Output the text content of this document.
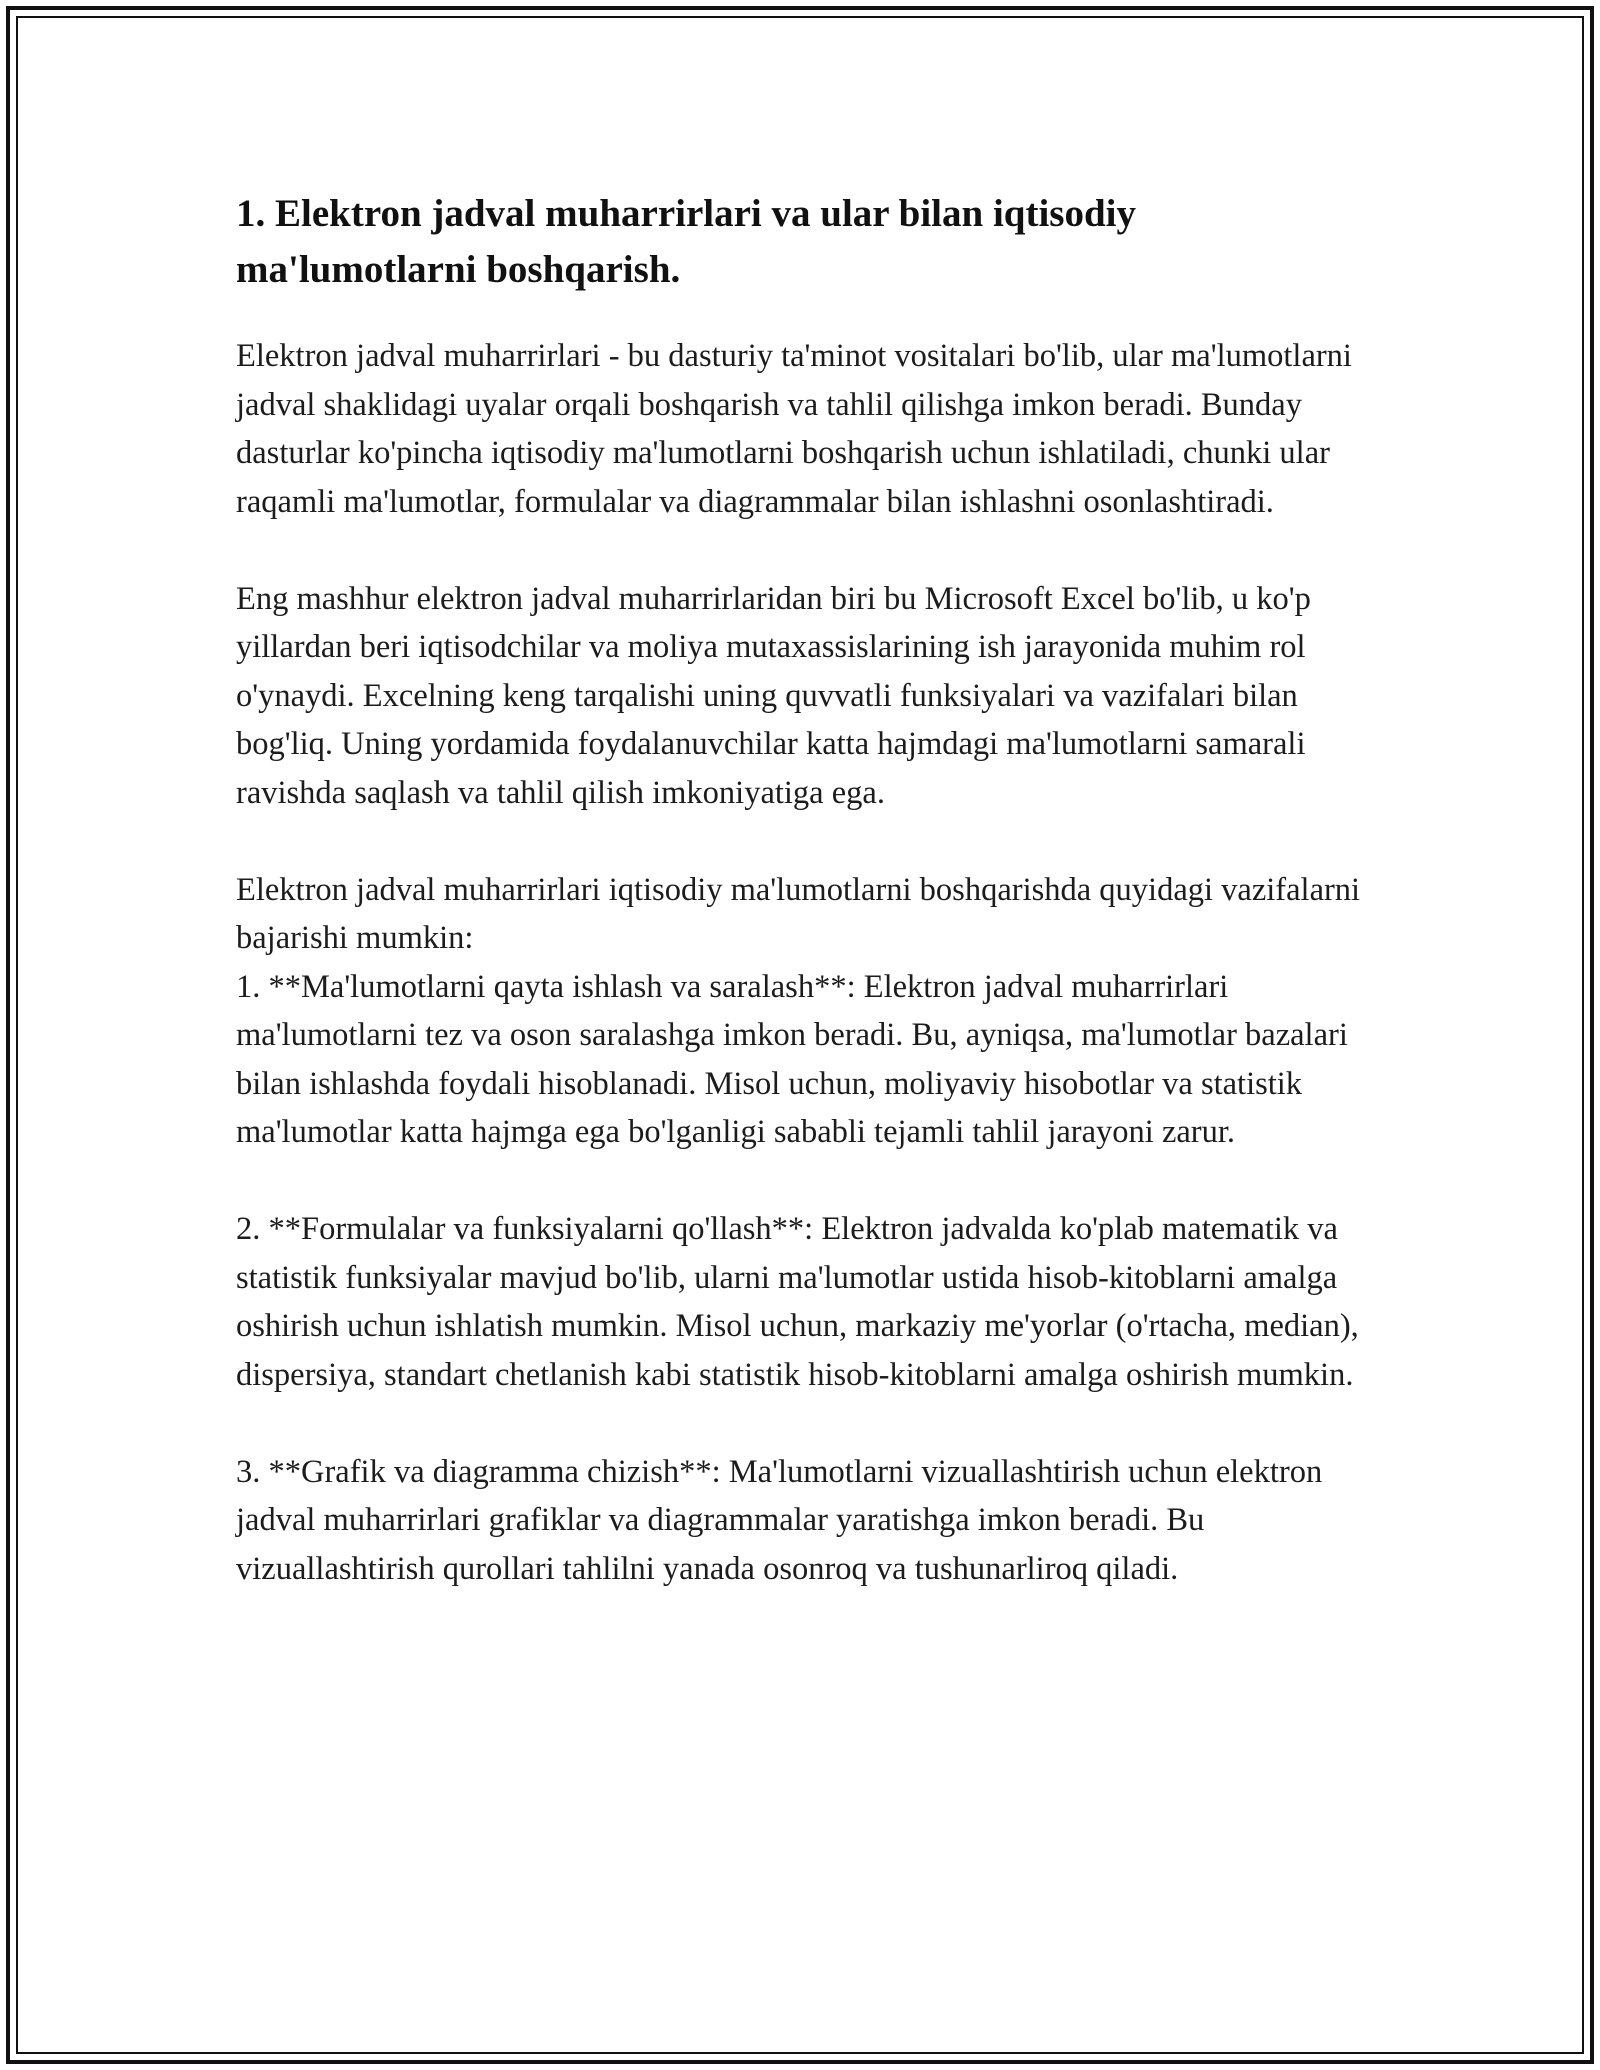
1. Elektron jadval muharrirlari va ular bilan iqtisodiy ma'lumotlarni boshqarish.

Elektron jadval muharrirlari - bu dasturiy ta'minot vositalari bo'lib, ular ma'lumotlarni jadval shaklidagi uyalar orqali boshqarish va tahlil qilishga imkon beradi. Bunday dasturlar ko'pincha iqtisodiy ma'lumotlarni boshqarish uchun ishlatiladi, chunki ular raqamli ma'lumotlar, formulalar va diagrammalar bilan ishlashni osonlashtiradi.

Eng mashhur elektron jadval muharrirlaridan biri bu Microsoft Excel bo'lib, u ko'p yillardan beri iqtisodchilar va moliya mutaxassislarining ish jarayonida muhim rol o'ynaydi. Excelning keng tarqalishi uning quvvatli funksiyalari va vazifalari bilan bog'liq. Uning yordamida foydalanuvchilar katta hajmdagi ma'lumotlarni samarali ravishda saqlash va tahlil qilish imkoniyatiga ega.

Elektron jadval muharrirlari iqtisodiy ma'lumotlarni boshqarishda quyidagi vazifalarni bajarishi mumkin:

1. **Ma'lumotlarni qayta ishlash va saralash**: Elektron jadval muharrirlari ma'lumotlarni tez va oson saralashga imkon beradi. Bu, ayniqsa, ma'lumotlar bazalari bilan ishlashda foydali hisoblanadi. Misol uchun, moliyaviy hisobotlar va statistik ma'lumotlar katta hajmga ega bo'lganligi sababli tejamli tahlil jarayoni zarur.

2. **Formulalar va funksiyalarni qo'llash**: Elektron jadvalda ko'plab matematik va statistik funksiyalar mavjud bo'lib, ularni ma'lumotlar ustida hisob-kitoblarni amalga oshirish uchun ishlatish mumkin. Misol uchun, markaziy me'yorlar (o'rtacha, median), dispersiya, standart chetlanish kabi statistik hisob-kitoblarni amalga oshirish mumkin.

3. **Grafik va diagramma chizish**: Ma'lumotlarni vizuallashtirish uchun elektron jadval muharrirlari grafiklar va diagrammalar yaratishga imkon beradi. Bu vizuallashtirish qurollari tahlilni yanada osonroq va tushunarliroq qiladi.
